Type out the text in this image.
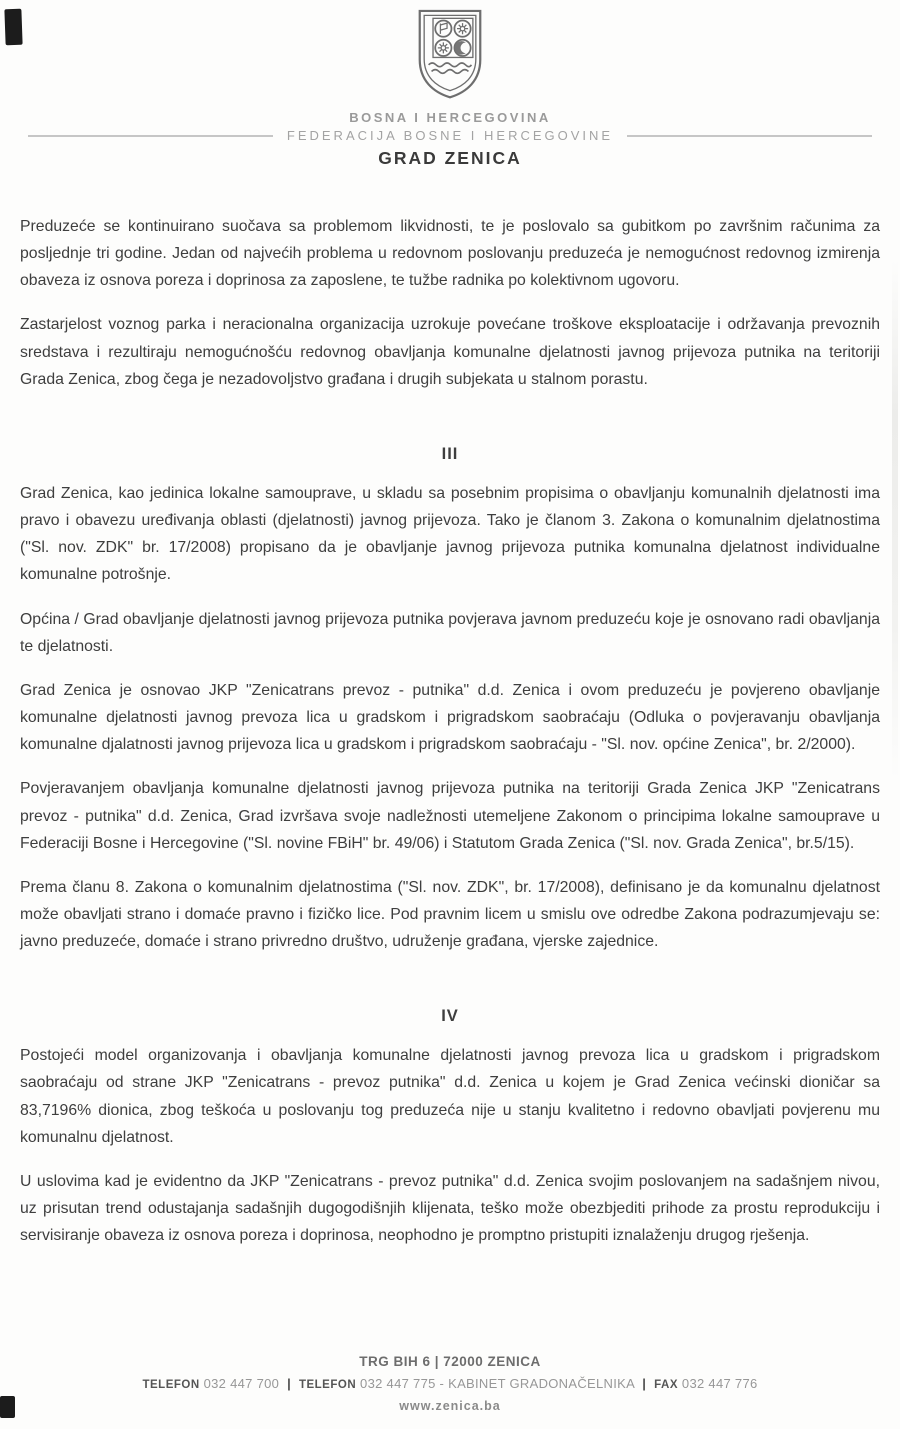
BOSNA I HERCEGOVINA
FEDERACIJA BOSNE I HERCEGOVINE
GRAD ZENICA

Preduzeće se kontinuirano suočava sa problemom likvidnosti, te je poslovalo sa gubitkom po završnim računima za posljednje tri godine. Jedan od najvećih problema u redovnom poslovanju preduzeća je nemogućnost redovnog izmirenja obaveza iz osnova poreza i doprinosa za zaposlene, te tužbe radnika po kolektivnom ugovoru.

Zastarjelost voznog parka i neracionalna organizacija uzrokuje povećane troškove eksploatacije i održavanja prevoznih sredstava i rezultiraju nemogućnošću redovnog obavljanja komunalne djelatnosti javnog prijevoza putnika na teritoriji Grada Zenica, zbog čega je nezadovoljstvo građana i drugih subjekata u stalnom porastu.

III

Grad Zenica, kao jedinica lokalne samouprave, u skladu sa posebnim propisima o obavljanju komunalnih djelatnosti ima pravo i obavezu uređivanja oblasti (djelatnosti) javnog prijevoza. Tako je članom 3. Zakona o komunalnim djelatnostima ("Sl. nov. ZDK" br. 17/2008) propisano da je obavljanje javnog prijevoza putnika komunalna djelatnost individualne komunalne potrošnje.

Općina / Grad obavljanje djelatnosti javnog prijevoza putnika povjerava javnom preduzeću koje je osnovano radi obavljanja te djelatnosti.

Grad Zenica je osnovao JKP "Zenicatrans prevoz - putnika" d.d. Zenica i ovom preduzeću je povjereno obavljanje komunalne djelatnosti javnog prevoza lica u gradskom i prigradskom saobraćaju (Odluka o povjeravanju obavljanja komunalne djalatnosti javnog prijevoza lica u gradskom i prigradskom saobraćaju - "Sl. nov. općine Zenica", br. 2/2000).

Povjeravanjem obavljanja komunalne djelatnosti javnog prijevoza putnika na teritoriji Grada Zenica JKP "Zenicatrans prevoz - putnika" d.d. Zenica, Grad izvršava svoje nadležnosti utemeljene Zakonom o principima lokalne samouprave u Federaciji Bosne i Hercegovine ("Sl. novine FBiH" br. 49/06) i Statutom Grada Zenica ("Sl. nov. Grada Zenica", br.5/15).

Prema članu 8. Zakona o komunalnim djelatnostima ("Sl. nov. ZDK", br. 17/2008), definisano je da komunalnu djelatnost može obavljati strano i domaće pravno i fizičko lice. Pod pravnim licem u smislu ove odredbe Zakona podrazumjevaju se: javno preduzeće, domaće i strano privredno društvo, udruženje građana, vjerske zajednice.

IV

Postojeći model organizovanja i obavljanja komunalne djelatnosti javnog prevoza lica u gradskom i prigradskom saobraćaju od strane JKP "Zenicatrans - prevoz putnika" d.d. Zenica u kojem je Grad Zenica većinski dioničar sa 83,7196% dionica, zbog teškoća u poslovanju tog preduzeća nije u stanju kvalitetno i redovno obavljati povjerenu mu komunalnu djelatnost.

U uslovima kad je evidentno da JKP "Zenicatrans - prevoz putnika" d.d. Zenica svojim poslovanjem na sadašnjem nivou, uz prisutan trend odustajanja sadašnjih dugogodišnjih klijenata, teško može obezbjediti prihode za prostu reprodukciju i servisiranje obaveza iz osnova poreza i doprinosa, neophodno je promptno pristupiti iznalaženju drugog rješenja.

TRG BIH 6 | 72000 ZENICA
TELEFON 032 447 700 | TELEFON 032 447 775 - KABINET GRADONAČELNIKA | FAX 032 447 776
www.zenica.ba
